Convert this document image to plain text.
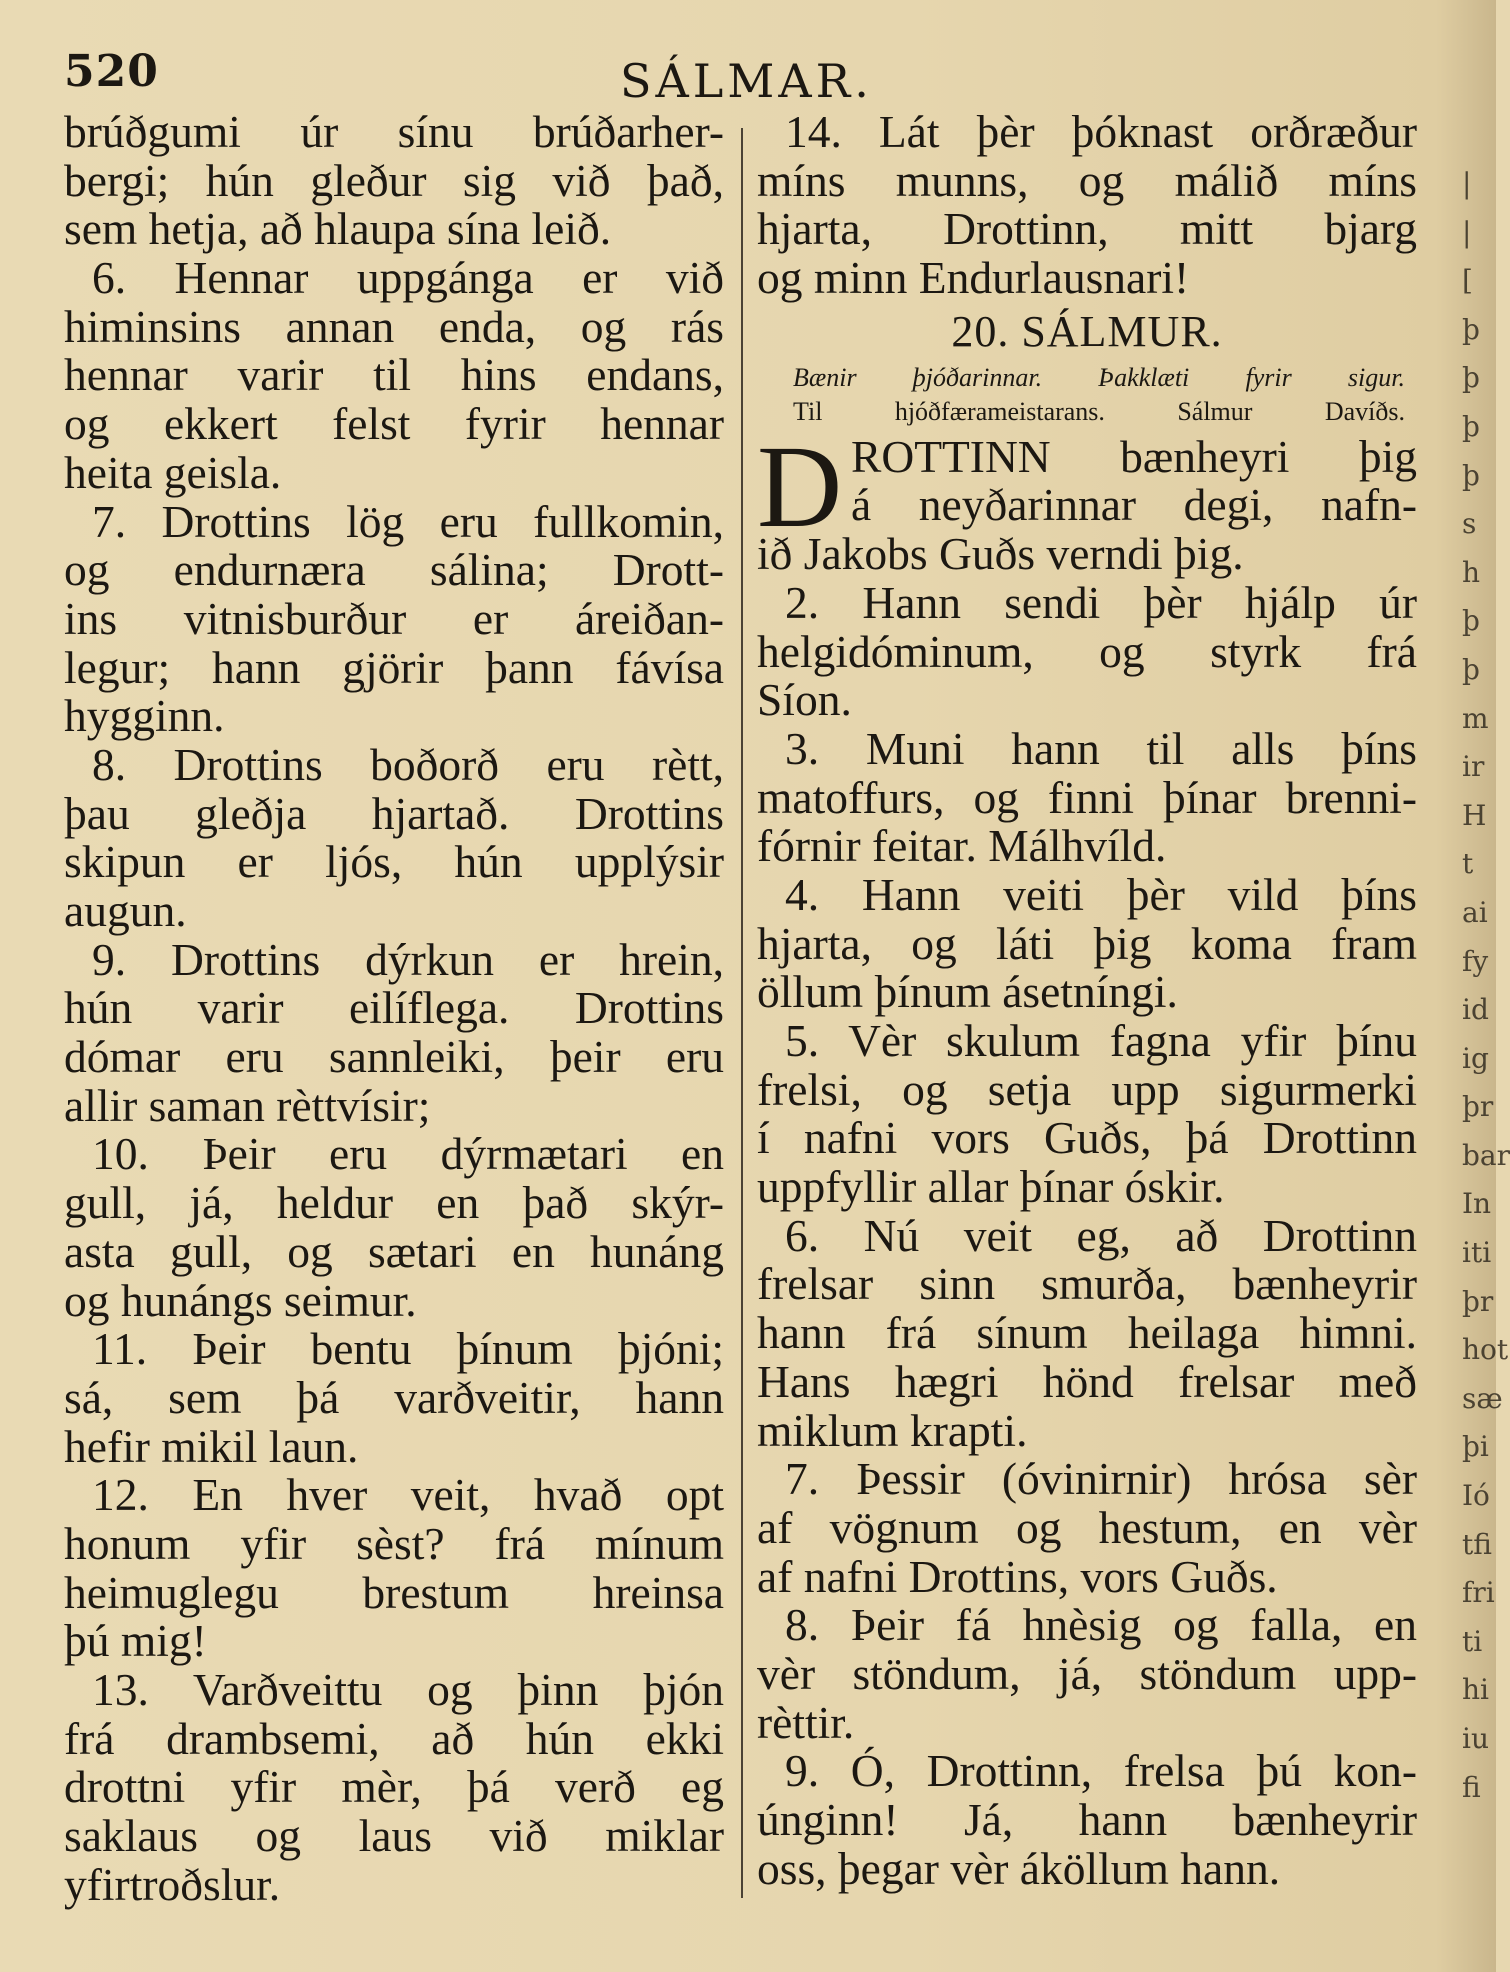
520	SÁLMAR.
brúðgumi úr sínu brúðarher-
bergi; hún gleður sig við það,
sem hetja, að hlaupa sína leið.
6. Hennar uppgánga er við
himinsins annan enda, og rás
hennar varir til hins endans,
og ekkert felst fyrir hennar
heita geisla.
7. Drottins lög eru fullkomin,
og endurnæra sálina; Drott-
ins vitnisburður er áreiðan-
legur; hann gjörir þann fávísa
hygginn.
8. Drottins boðorð eru rètt,
þau gleðja hjartað. Drottins
skipun er ljós, hún upplýsir
augun.
9. Drottins dýrkun er hrein,
hún varir eilíflega. Drottins
dómar eru sannleiki, þeir eru
allir saman rèttvísir;
10. Þeir eru dýrmætari en
gull, já, heldur en það skýr-
asta gull, og sætari en hunáng
og hunángs seimur.
11. Þeir bentu þínum þjóni;
sá, sem þá varðveitir, hann
hefir mikil laun.
12. En hver veit, hvað opt
honum yfir sèst? frá mínum
heimuglegu brestum hreinsa
þú mig!
13. Varðveittu og þinn þjón
frá drambsemi, að hún ekki
drottni yfir mèr, þá verð eg
saklaus og laus við miklar
yfirtroðslur.
14. Lát þèr þóknast orðræður
míns munns, og málið míns
hjarta, Drottinn, mitt bjarg
og minn Endurlausnari!
20. SÁLMUR.
Bænir þjóðarinnar. Þakklæti fyrir sigur.
Til hjóðfærameistarans. Sálmur Davíðs.
D ROTTINN bænheyri þig
á neyðarinnar degi, nafn-
ið Jakobs Guðs verndi þig.
2. Hann sendi þèr hjálp úr
helgidóminum, og styrk frá
Síon.
3. Muni hann til alls þíns
matoffurs, og finni þínar brenni-
fórnir feitar. Málhvíld.
4. Hann veiti þèr vild þíns
hjarta, og láti þig koma fram
öllum þínum ásetníngi.
5. Vèr skulum fagna yfir þínu
frelsi, og setja upp sigurmerki
í nafni vors Guðs, þá Drottinn
uppfyllir allar þínar óskir.
6. Nú veit eg, að Drottinn
frelsar sinn smurða, bænheyrir
hann frá sínum heilaga himni.
Hans hægri hönd frelsar með
miklum krapti.
7. Þessir (óvinirnir) hrósa sèr
af vögnum og hestum, en vèr
af nafni Drottins, vors Guðs.
8. Þeir fá hnèsig og falla, en
vèr stöndum, já, stöndum upp-
rèttir.
9. Ó, Drottinn, frelsa þú kon-
únginn! Já, hann bænheyrir
oss, þegar vèr áköllum hann.
|
|
[
þ
þ
þ
þ
s
h
þ
þ
m
ir
H
t
ai
fy
id
ig
þr
bar
In
iti
þr
hot
sæ
þi
Ió
tfi
fri
ti
hi
iu
fi
